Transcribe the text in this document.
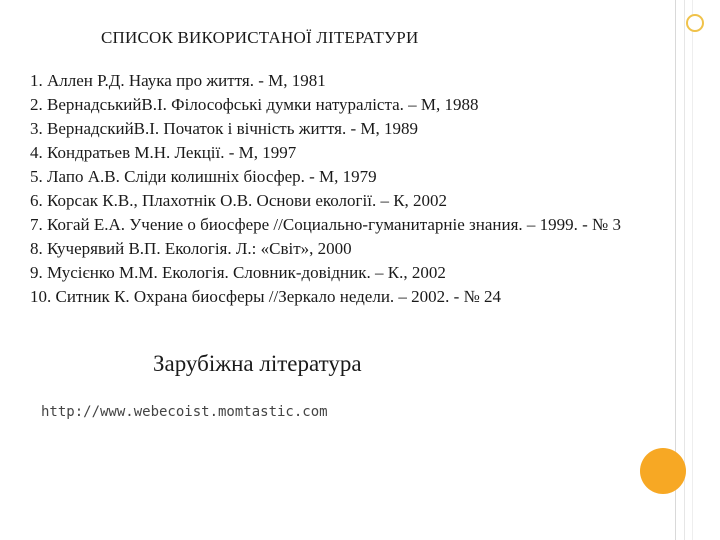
СПИСОК ВИКОРИСТАНОЇ ЛІТЕРАТУРИ
1. Аллен Р.Д. Наука про життя. - М, 1981
2. ВернадськийВ.І. Філософські думки натураліста. – М, 1988
3. ВернадскийВ.І. Початок і вічність життя. - М, 1989
4. Кондратьев М.Н. Лекції. - М, 1997
5. Лапо А.В. Сліди колишніх біосфер. - М, 1979
6. Корсак К.В., Плахотнік О.В. Основи екології. – К, 2002
7. Когай Е.А. Учение о биосфере //Социально-гуманитарніе знания. – 1999. - № 3
8. Кучерявий В.П. Екологія. Л.: «Світ», 2000
9. Мусієнко М.М. Екологія. Словник-довідник. – К., 2002
10. Ситник К. Охрана биосферы //Зеркало недели. – 2002. - № 24
Зарубіжна література
http://www.webecoist.momtastic.com
